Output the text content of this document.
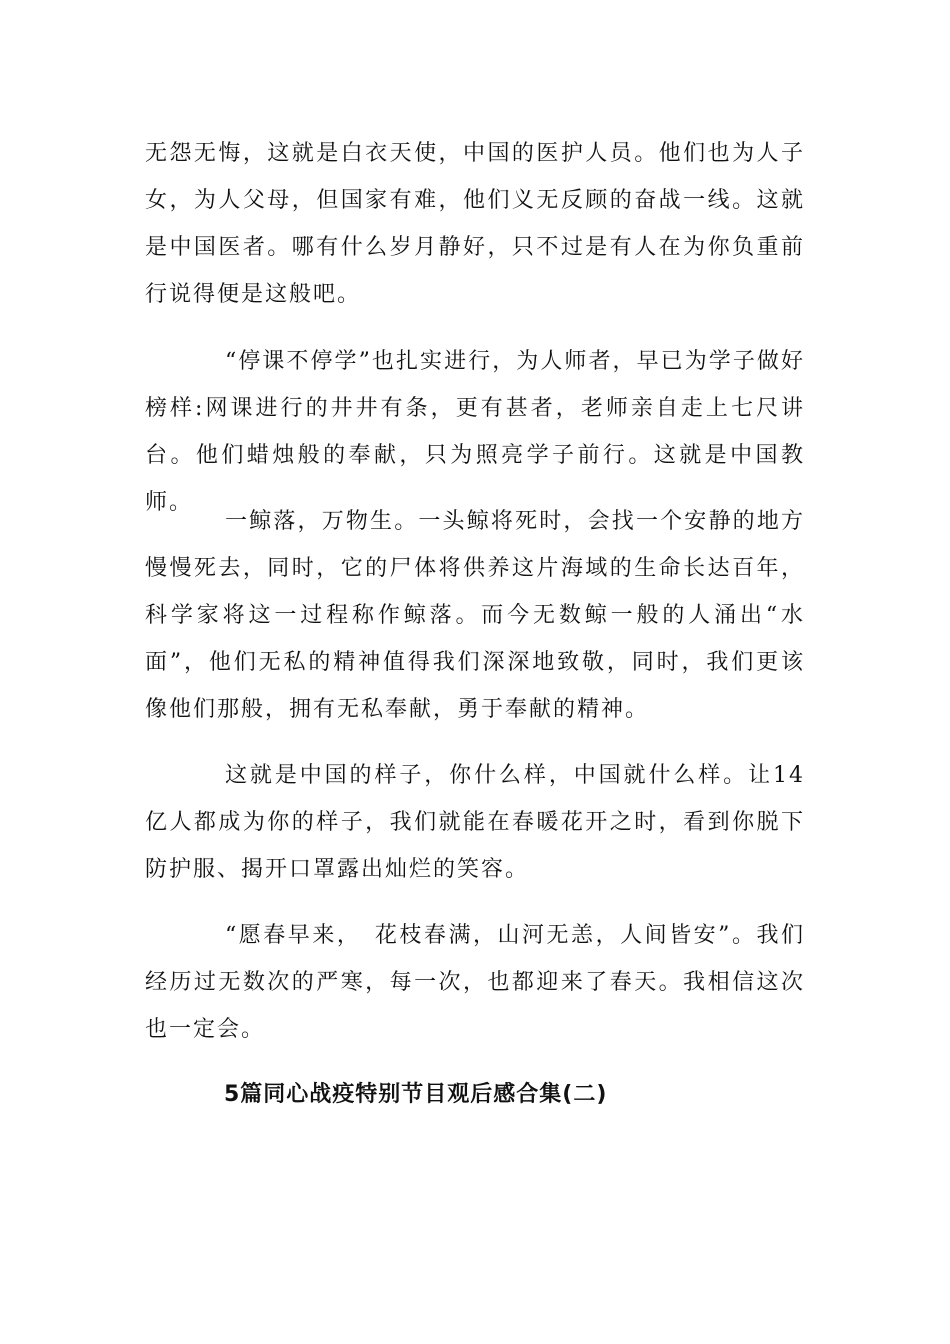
无怨无悔，这就是白衣天使，中国的医护人员。他们也为人子女，为人父母，但国家有难，他们义无反顾的奋战一线。这就是中国医者。哪有什么岁月静好，只不过是有人在为你负重前行说得便是这般吧。

“停课不停学”也扎实进行，为人师者，早已为学子做好榜样:网课进行的井井有条，更有甚者，老师亲自走上七尺讲台。他们蜡烛般的奉献，只为照亮学子前行。这就是中国教师。

一鲸落，万物生。一头鲸将死时，会找一个安静的地方慢慢死去，同时，它的尸体将供养这片海域的生命长达百年，科学家将这一过程称作鲸落。而今无数鲸一般的人涌出“水面”，他们无私的精神值得我们深深地致敬，同时，我们更该像他们那般，拥有无私奉献，勇于奉献的精神。

这就是中国的样子，你什么样，中国就什么样。让14亿人都成为你的样子，我们就能在春暖花开之时，看到你脱下防护服、揭开口罩露出灿烂的笑容。

“愿春早来，　花枝春满，山河无恙，人间皆安”。我们经历过无数次的严寒，每一次，也都迎来了春天。我相信这次也一定会。

5篇同心战疫特别节目观后感合集(二)
